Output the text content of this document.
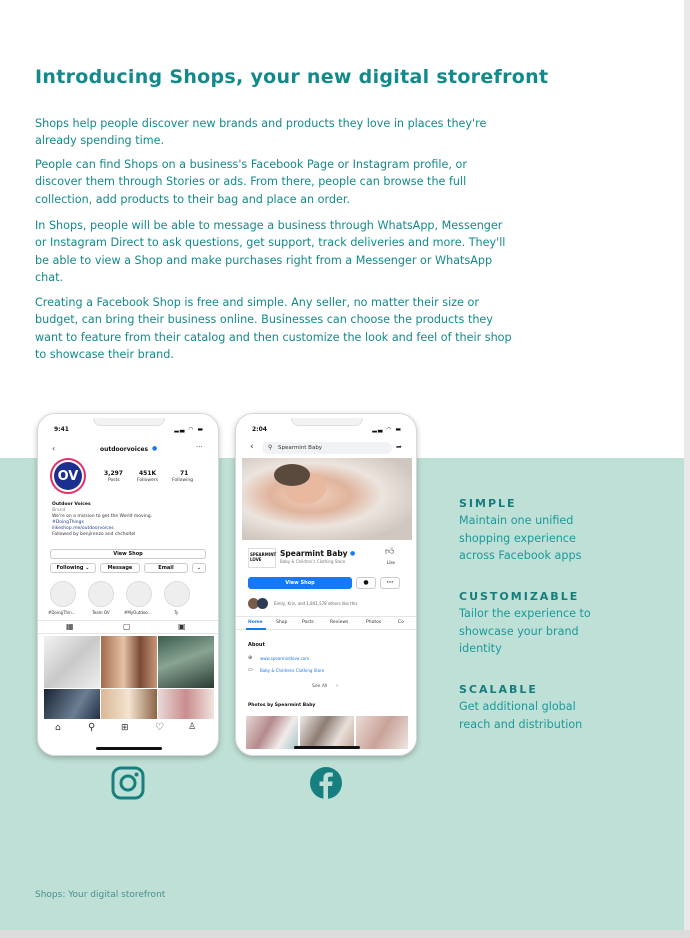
Introducing Shops, your new digital storefront

Shops help people discover new brands and products they love in places they're already spending time.

People can find Shops on a business's Facebook Page or Instagram profile, or discover them through Stories or ads. From there, people can browse the full collection, add products to their bag and place an order.

In Shops, people will be able to message a business through WhatsApp, Messenger or Instagram Direct to ask questions, get support, track deliveries and more. They'll be able to view a Shop and make purchases right from a Messenger or WhatsApp chat.

Creating a Facebook Shop is free and simple. Any seller, no matter their size or budget, can bring their business online. Businesses can choose the products they want to feature from their catalog and then customize the look and feel of their shop to showcase their brand.

SIMPLE
Maintain one unified shopping experience across Facebook apps
CUSTOMIZABLE
Tailor the experience to showcase your brand identity
SCALABLE
Get additional global reach and distribution
9:41	▂▃ ◠ ▬
‹	outdoorvoices ●	···
OV	3,297
Posts
451K
Followers
71
Following
Outdoor Voices
Brand
We're on a mission to get the World moving.
#DoingThings
ilikeshop.me/outdoorvoices
Followed by benjirenzo and chcholtel
View Shop
Following ⌄	Message	Email	⌄
#DoingThin...	Team OV	#MyOutdoo...	Ty
▦	▢	▣
⌂	⚲	⊞	♡	♙
2:04	▂▃ ◠ ▬
‹ ⚲ Spearmint Baby	➦
SPEARMINT LOVE
Spearmint Baby ●
Baby & Children's Clothing Store
👍︎
Like
View Shop	●	···
Emily, Kris, and 1,841,578 others like this
Home	Shop	Posts	Reviews	Photos	Co
About
⊕ www.spearmintlove.com
▭ Baby & Childrens Clothing Store
See All ›
Photos by Spearmint Baby
Shops: Your digital storefront
